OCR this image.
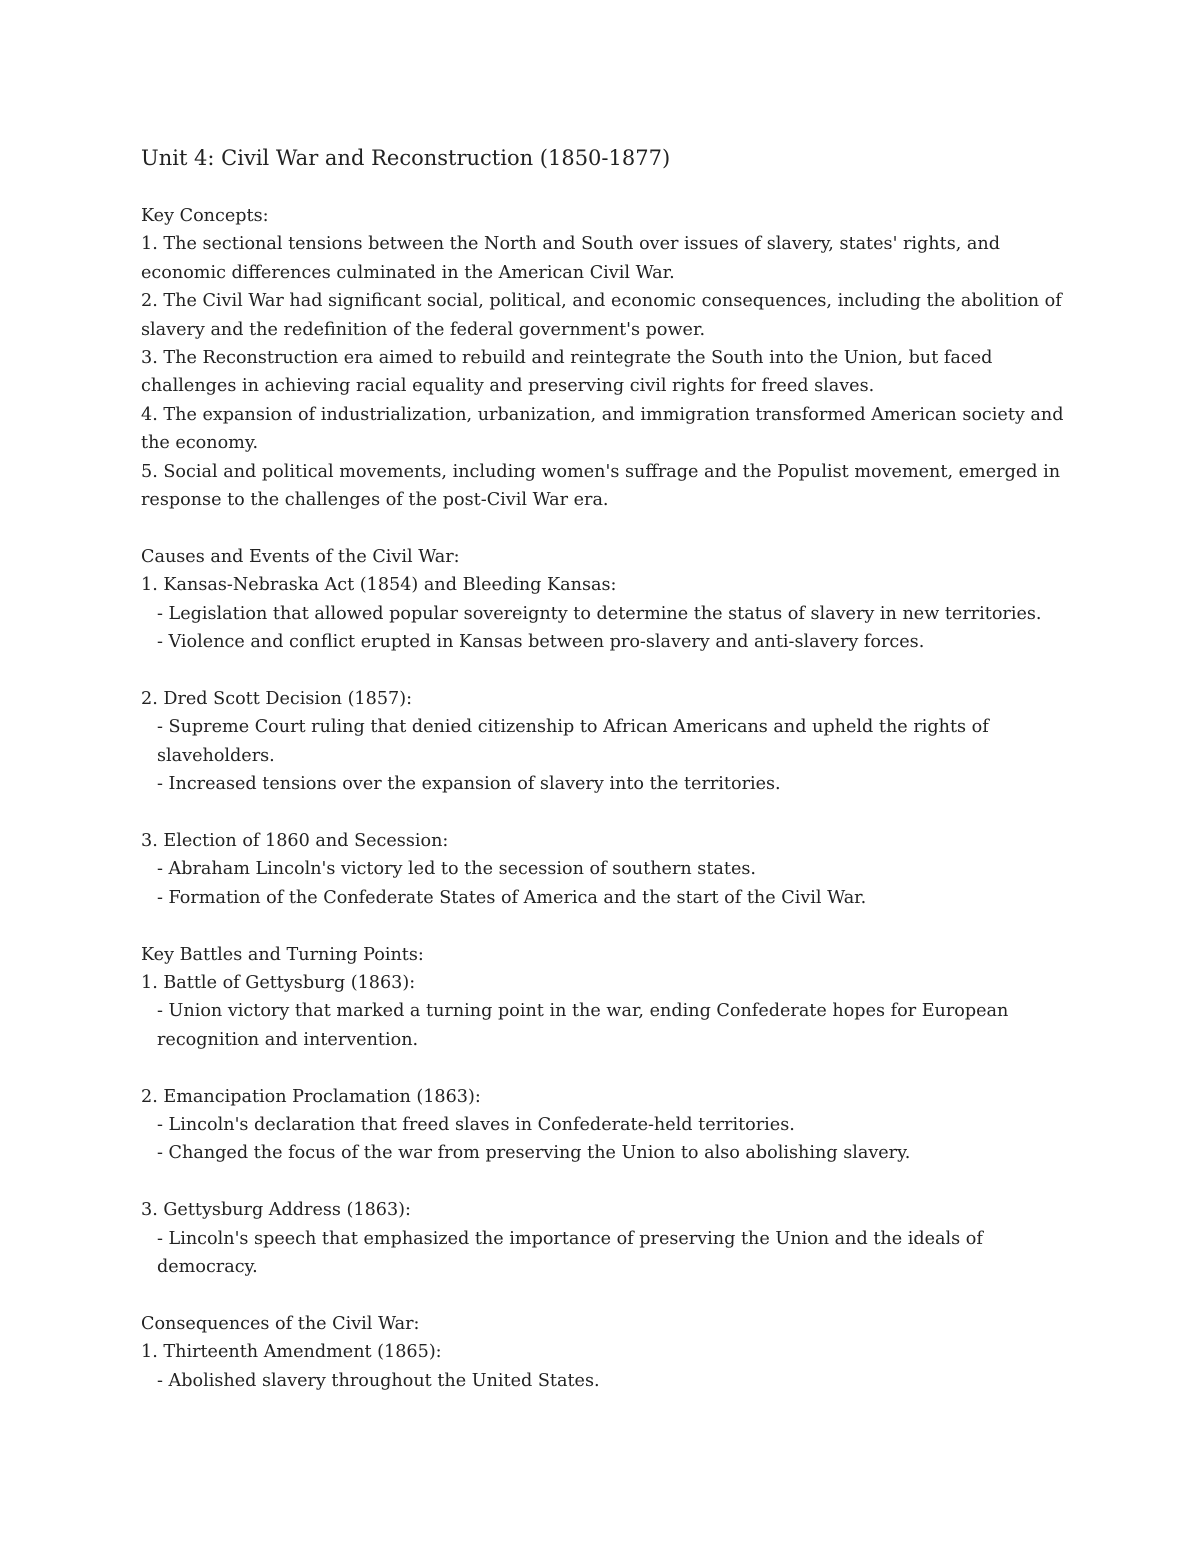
Unit 4: Civil War and Reconstruction (1850-1877)

Key Concepts:

1. The sectional tensions between the North and South over issues of slavery, states' rights, and economic differences culminated in the American Civil War.

2. The Civil War had significant social, political, and economic consequences, including the abolition of slavery and the redefinition of the federal government's power.

3. The Reconstruction era aimed to rebuild and reintegrate the South into the Union, but faced challenges in achieving racial equality and preserving civil rights for freed slaves.

4. The expansion of industrialization, urbanization, and immigration transformed American society and the economy.

5. Social and political movements, including women's suffrage and the Populist movement, emerged in response to the challenges of the post-Civil War era.

Causes and Events of the Civil War:

1. Kansas-Nebraska Act (1854) and Bleeding Kansas:

- Legislation that allowed popular sovereignty to determine the status of slavery in new territories.

- Violence and conflict erupted in Kansas between pro-slavery and anti-slavery forces.

2. Dred Scott Decision (1857):

- Supreme Court ruling that denied citizenship to African Americans and upheld the rights of slaveholders.

- Increased tensions over the expansion of slavery into the territories.

3. Election of 1860 and Secession:

- Abraham Lincoln's victory led to the secession of southern states.

- Formation of the Confederate States of America and the start of the Civil War.

Key Battles and Turning Points:

1. Battle of Gettysburg (1863):

- Union victory that marked a turning point in the war, ending Confederate hopes for European recognition and intervention.

2. Emancipation Proclamation (1863):

- Lincoln's declaration that freed slaves in Confederate-held territories.

- Changed the focus of the war from preserving the Union to also abolishing slavery.

3. Gettysburg Address (1863):

- Lincoln's speech that emphasized the importance of preserving the Union and the ideals of democracy.

Consequences of the Civil War:

1. Thirteenth Amendment (1865):

- Abolished slavery throughout the United States.
